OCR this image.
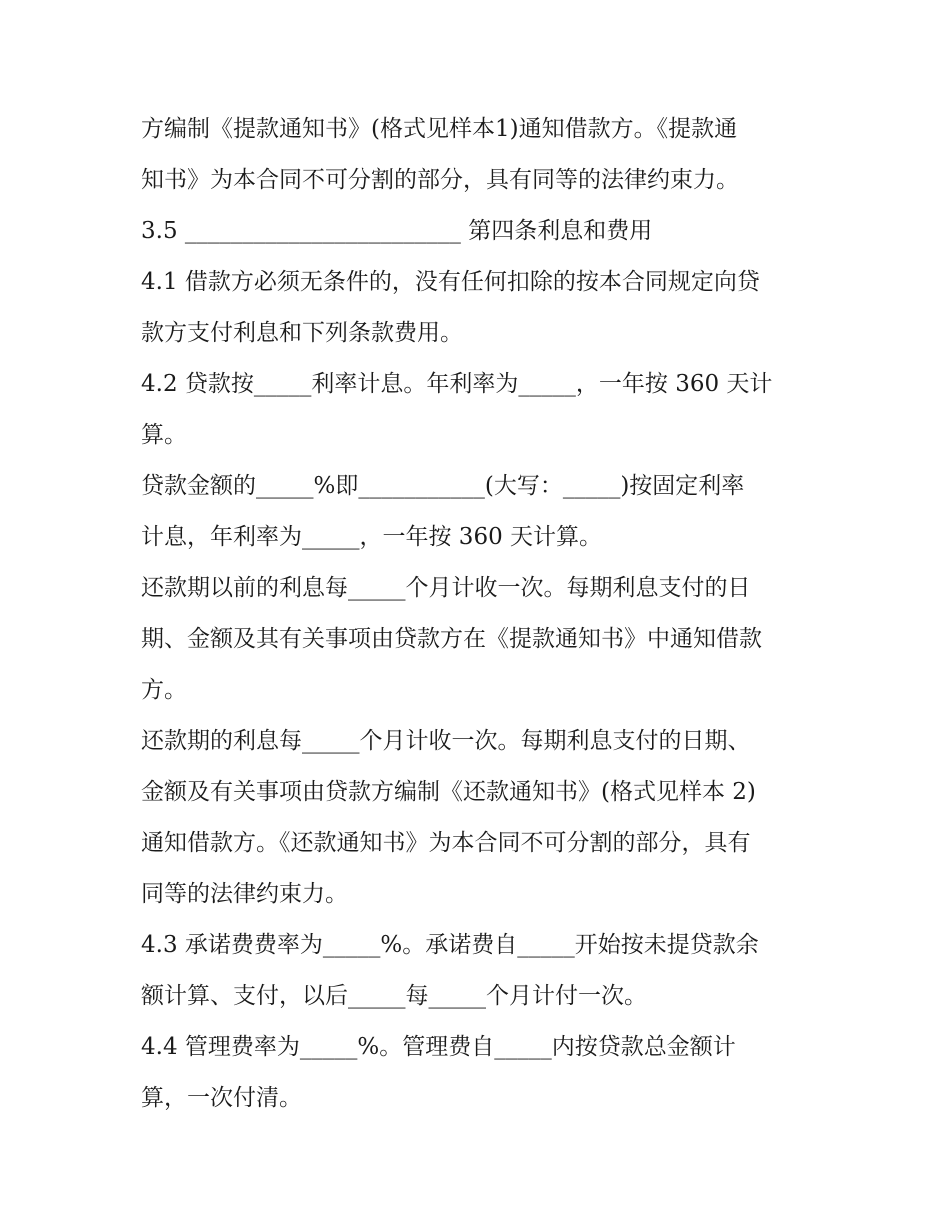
方编制《提款通知书》(格式见样本1)通知借款方。《提款通
知书》为本合同不可分割的部分，具有同等的法律约束力。
3.5 ________________________ 第四条利息和费用
4.1 借款方必须无条件的，没有任何扣除的按本合同规定向贷
款方支付利息和下列条款费用。
4.2 贷款按_____利率计息。年利率为_____，一年按 360 天计
算。
贷款金额的_____%即___________(大写：_____)按固定利率
计息，年利率为_____，一年按 360 天计算。
还款期以前的利息每_____个月计收一次。每期利息支付的日
期、金额及其有关事项由贷款方在《提款通知书》中通知借款
方。
还款期的利息每_____个月计收一次。每期利息支付的日期、
金额及有关事项由贷款方编制《还款通知书》(格式见样本 2)
通知借款方。《还款通知书》为本合同不可分割的部分，具有
同等的法律约束力。
4.3 承诺费费率为_____%。承诺费自_____开始按未提贷款余
额计算、支付，以后_____每_____个月计付一次。
4.4 管理费率为_____%。管理费自_____内按贷款总金额计
算，一次付清。
